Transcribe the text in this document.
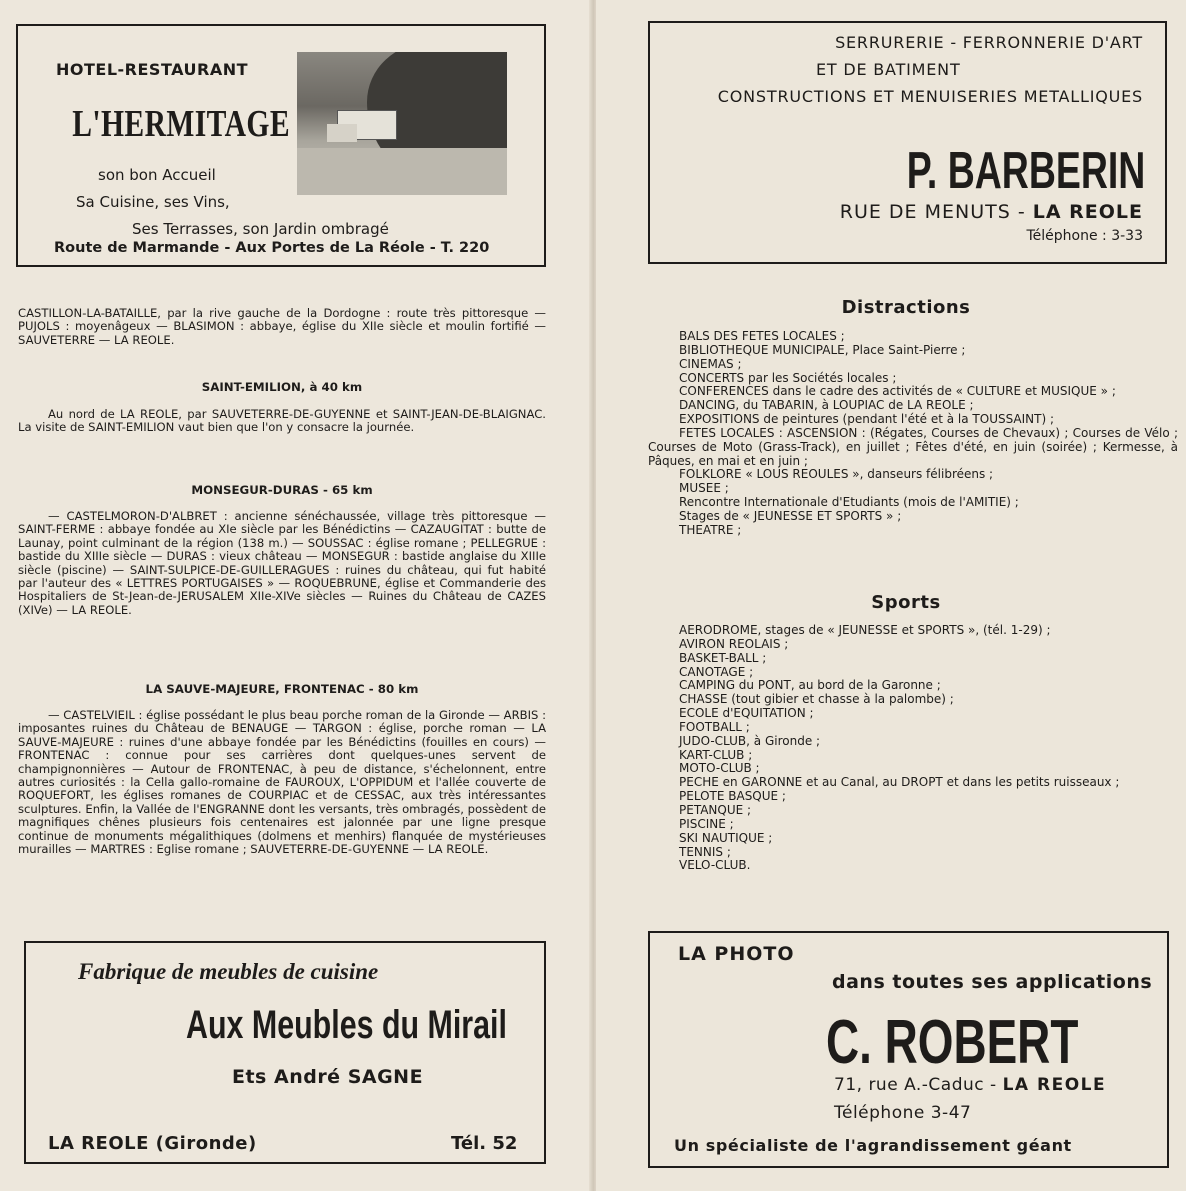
HOTEL-RESTAURANT
L'HERMITAGE
son bon Accueil
Sa Cuisine, ses Vins,
Ses Terrasses, son Jardin ombragé
Route de Marmande - Aux Portes de La Réole - T. 220
CASTILLON-LA-BATAILLE, par la rive gauche de la Dordogne : route très pittoresque — PUJOLS : moyenâgeux — BLASIMON : abbaye, église du XIIe siècle et moulin fortifié — SAUVETERRE — LA REOLE.
SAINT-EMILION, à 40 km
Au nord de LA REOLE, par SAUVETERRE-DE-GUYENNE et SAINT-JEAN-DE-BLAIGNAC. La visite de SAINT-EMILION vaut bien que l'on y consacre la journée.
MONSEGUR-DURAS - 65 km
— CASTELMORON-D'ALBRET : ancienne sénéchaussée, village très pittoresque — SAINT-FERME : abbaye fondée au XIe siècle par les Bénédictins — CAZAUGITAT : butte de Launay, point culminant de la région (138 m.) — SOUSSAC : église romane ; PELLEGRUE : bastide du XIIIe siècle — DURAS : vieux château — MONSEGUR : bastide anglaise du XIIIe siècle (piscine) — SAINT-SULPICE-DE-GUILLERAGUES : ruines du château, qui fut habité par l'auteur des « LETTRES PORTUGAISES » — ROQUEBRUNE, église et Commanderie des Hospitaliers de St-Jean-de-JERUSALEM XIIe-XIVe siècles — Ruines du Château de CAZES (XIVe) — LA REOLE.
LA SAUVE-MAJEURE, FRONTENAC - 80 km
— CASTELVIEIL : église possédant le plus beau porche roman de la Gironde — ARBIS : imposantes ruines du Château de BENAUGE — TARGON : église, porche roman — LA SAUVE-MAJEURE : ruines d'une abbaye fondée par les Bénédictins (fouilles en cours) — FRONTENAC : connue pour ses carrières dont quelques-unes servent de champignonnières — Autour de FRONTENAC, à peu de distance, s'échelonnent, entre autres curiosités : la Cella gallo-romaine de FAUROUX, L'OPPIDUM et l'allée couverte de ROQUEFORT, les églises romanes de COURPIAC et de CESSAC, aux très intéressantes sculptures. Enfin, la Vallée de l'ENGRANNE dont les versants, très ombragés, possèdent de magnifiques chênes plusieurs fois centenaires est jalonnée par une ligne presque continue de monuments mégalithiques (dolmens et menhirs) flanquée de mystérieuses murailles — MARTRES : Eglise romane ; SAUVETERRE-DE-GUYENNE — LA REOLE.
Fabrique de meubles de cuisine
Aux Meubles du Mirail
Ets André SAGNE
LA REOLE (Gironde)	Tél. 52
SERRURERIE - FERRONNERIE D'ART
ET DE BATIMENT
CONSTRUCTIONS ET MENUISERIES METALLIQUES
P. BARBERIN
RUE DE MENUTS - LA REOLE
Téléphone : 3-33
Distractions
BALS DES FETES LOCALES ;
BIBLIOTHEQUE MUNICIPALE, Place Saint-Pierre ;
CINEMAS ;
CONCERTS par les Sociétés locales ;
CONFERENCES dans le cadre des activités de « CULTURE et MUSIQUE » ;
DANCING, du TABARIN, à LOUPIAC de LA REOLE ;
EXPOSITIONS de peintures (pendant l'été et à la TOUSSAINT) ;
FETES LOCALES : ASCENSION : (Régates, Courses de Chevaux) ; Courses de Vélo ; Courses de Moto (Grass-Track), en juillet ; Fêtes d'été, en juin (soirée) ; Kermesse, à Pâques, en mai et en juin ;
FOLKLORE « LOUS REOULES », danseurs félibréens ;
MUSEE ;
Rencontre Internationale d'Etudiants (mois de l'AMITIE) ;
Stages de « JEUNESSE ET SPORTS » ;
THEATRE ;
Sports
AERODROME, stages de « JEUNESSE et SPORTS », (tél. 1-29) ;
AVIRON REOLAIS ;
BASKET-BALL ;
CANOTAGE ;
CAMPING du PONT, au bord de la Garonne ;
CHASSE (tout gibier et chasse à la palombe) ;
ECOLE d'EQUITATION ;
FOOTBALL ;
JUDO-CLUB, à Gironde ;
KART-CLUB ;
MOTO-CLUB ;
PECHE en GARONNE et au Canal, au DROPT et dans les petits ruisseaux ;
PELOTE BASQUE ;
PETANQUE ;
PISCINE ;
SKI NAUTIQUE ;
TENNIS ;
VELO-CLUB.
LA PHOTO
dans toutes ses applications
C. ROBERT
71, rue A.-Caduc - LA REOLE
Téléphone 3-47
Un spécialiste de l'agrandissement géant
